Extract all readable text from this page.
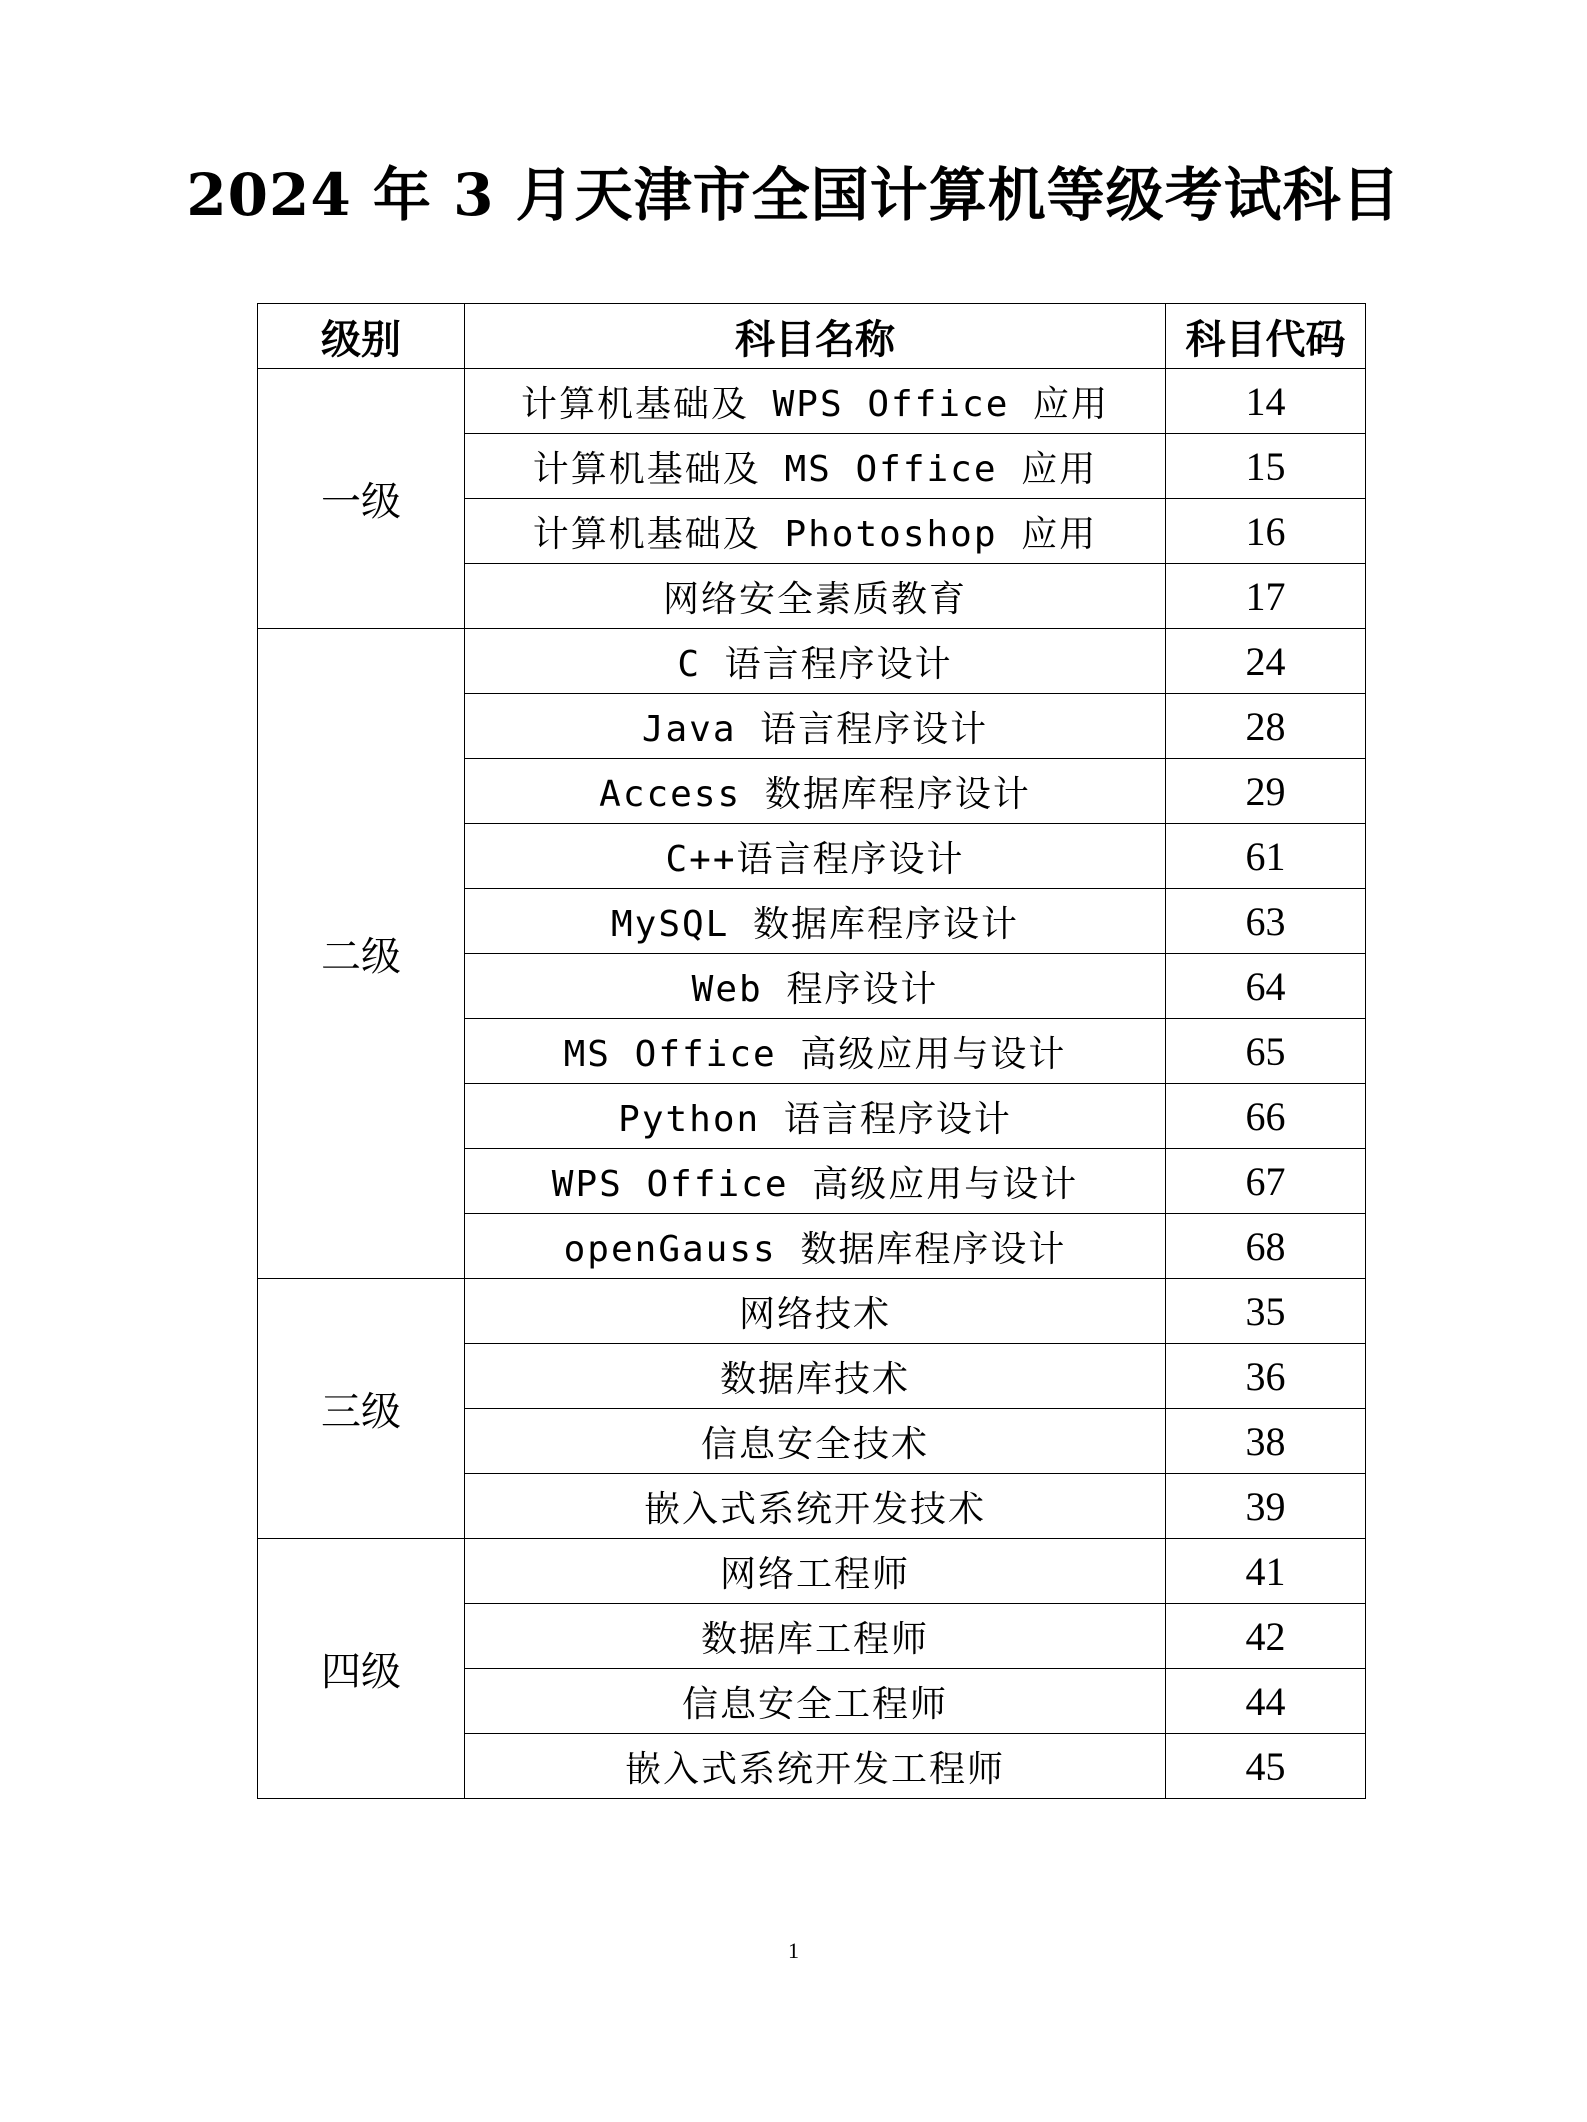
2024 年 3 月天津市全国计算机等级考试科目
级别	科目名称	科目代码
一级	计算机基础及 WPS Office 应用	14
	计算机基础及 MS Office 应用	15
	计算机基础及 Photoshop 应用	16
	网络安全素质教育	17
二级	C 语言程序设计	24
	Java 语言程序设计	28
	Access 数据库程序设计	29
	C++语言程序设计	61
	MySQL 数据库程序设计	63
	Web 程序设计	64
	MS Office 高级应用与设计	65
	Python 语言程序设计	66
	WPS Office 高级应用与设计	67
	openGauss 数据库程序设计	68
三级	网络技术	35
	数据库技术	36
	信息安全技术	38
	嵌入式系统开发技术	39
四级	网络工程师	41
	数据库工程师	42
	信息安全工程师	44
	嵌入式系统开发工程师	45
1
